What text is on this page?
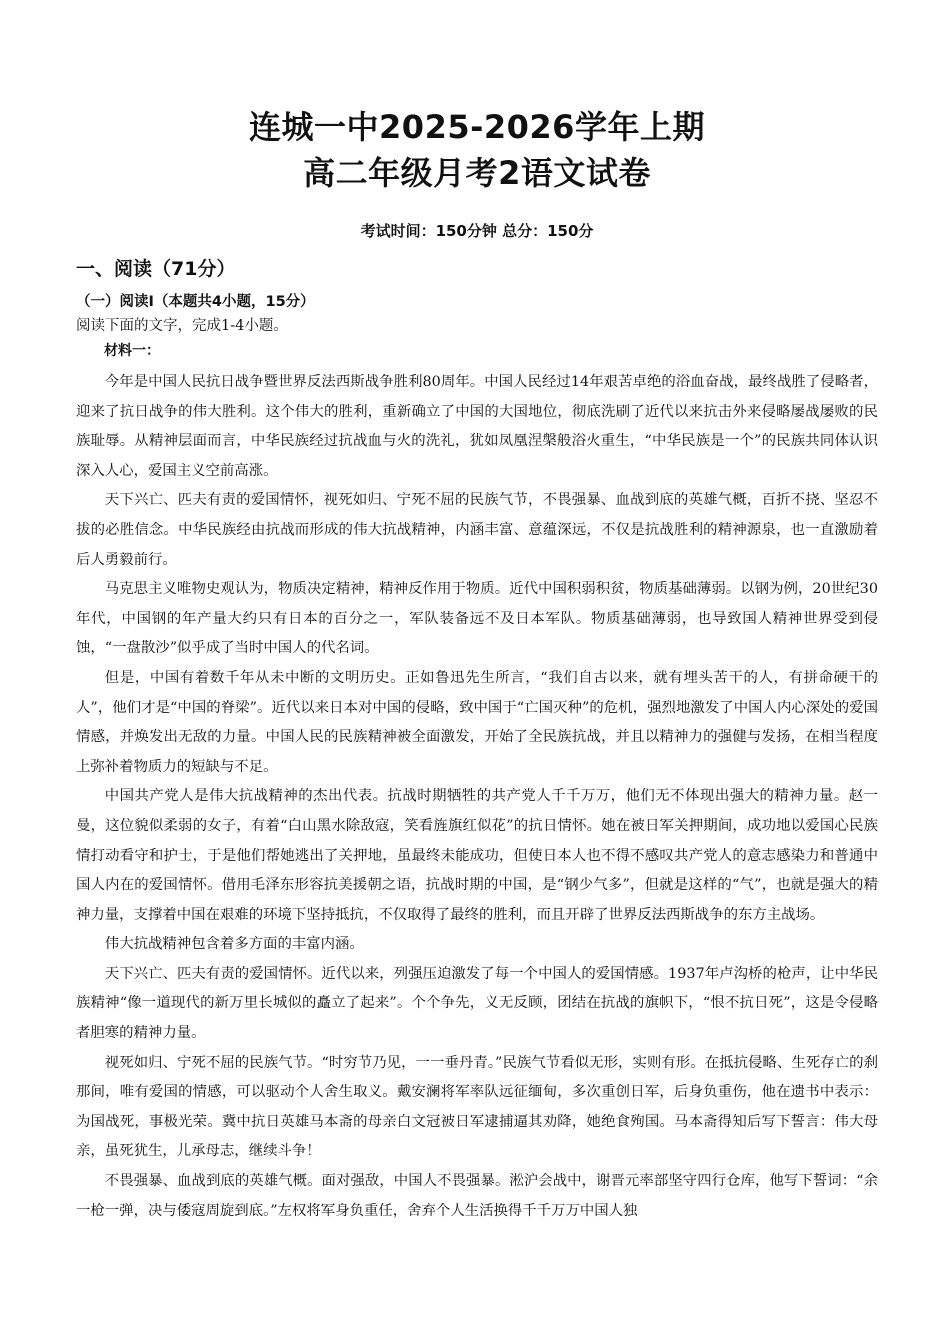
连城一中2025-2026学年上期
高二年级月考2语文试卷
考试时间：150分钟 总分：150分
一、阅读（71分）
（一）阅读Ⅰ（本题共4小题，15分）
阅读下面的文字，完成1-4小题。
材料一：

今年是中国人民抗日战争暨世界反法西斯战争胜利80周年。中国人民经过14年艰苦卓绝的浴血奋战，最终战胜了侵略者，迎来了抗日战争的伟大胜利。这个伟大的胜利，重新确立了中国的大国地位，彻底洗刷了近代以来抗击外来侵略屡战屡败的民族耻辱。从精神层面而言，中华民族经过抗战血与火的洗礼，犹如凤凰涅槃般浴火重生，“中华民族是一个”的民族共同体认识深入人心，爱国主义空前高涨。

天下兴亡、匹夫有责的爱国情怀，视死如归、宁死不屈的民族气节，不畏强暴、血战到底的英雄气概，百折不挠、坚忍不拔的必胜信念。中华民族经由抗战而形成的伟大抗战精神，内涵丰富、意蕴深远，不仅是抗战胜利的精神源泉，也一直激励着后人勇毅前行。

马克思主义唯物史观认为，物质决定精神，精神反作用于物质。近代中国积弱积贫，物质基础薄弱。以钢为例，20世纪30年代，中国钢的年产量大约只有日本的百分之一，军队装备远不及日本军队。物质基础薄弱，也导致国人精神世界受到侵蚀，“一盘散沙”似乎成了当时中国人的代名词。

但是，中国有着数千年从未中断的文明历史。正如鲁迅先生所言，“我们自古以来，就有埋头苦干的人，有拼命硬干的人”，他们才是“中国的脊梁”。近代以来日本对中国的侵略，致中国于“亡国灭种”的危机，强烈地激发了中国人内心深处的爱国情感，并焕发出无敌的力量。中国人民的民族精神被全面激发，开始了全民族抗战，并且以精神力的强健与发扬，在相当程度上弥补着物质力的短缺与不足。

中国共产党人是伟大抗战精神的杰出代表。抗战时期牺牲的共产党人千千万万，他们无不体现出强大的精神力量。赵一曼，这位貌似柔弱的女子，有着“白山黑水除敌寇，笑看旌旗红似花”的抗日情怀。她在被日军关押期间，成功地以爱国心民族情打动看守和护士，于是他们帮她逃出了关押地，虽最终未能成功，但使日本人也不得不感叹共产党人的意志感染力和普通中国人内在的爱国情怀。借用毛泽东形容抗美援朝之语，抗战时期的中国，是“钢少气多”，但就是这样的“气”，也就是强大的精神力量，支撑着中国在艰难的环境下坚持抵抗，不仅取得了最终的胜利，而且开辟了世界反法西斯战争的东方主战场。

伟大抗战精神包含着多方面的丰富内涵。

天下兴亡、匹夫有责的爱国情怀。近代以来，列强压迫激发了每一个中国人的爱国情感。1937年卢沟桥的枪声，让中华民族精神“像一道现代的新万里长城似的矗立了起来”。个个争先，义无反顾，团结在抗战的旗帜下，“恨不抗日死”，这是令侵略者胆寒的精神力量。

视死如归、宁死不屈的民族气节。“时穷节乃见，一一垂丹青。”民族气节看似无形，实则有形。在抵抗侵略、生死存亡的刹那间，唯有爱国的情感，可以驱动个人舍生取义。戴安澜将军率队远征缅甸，多次重创日军，后身负重伤，他在遗书中表示：为国战死，事极光荣。冀中抗日英雄马本斋的母亲白文冠被日军逮捕逼其劝降，她绝食殉国。马本斋得知后写下誓言：伟大母亲，虽死犹生，儿承母志，继续斗争！

不畏强暴、血战到底的英雄气概。面对强敌，中国人不畏强暴。淞沪会战中，谢晋元率部坚守四行仓库，他写下誓词：“余一枪一弹，决与倭寇周旋到底。”左权将军身负重任，舍弃个人生活换得千千万万中国人独
